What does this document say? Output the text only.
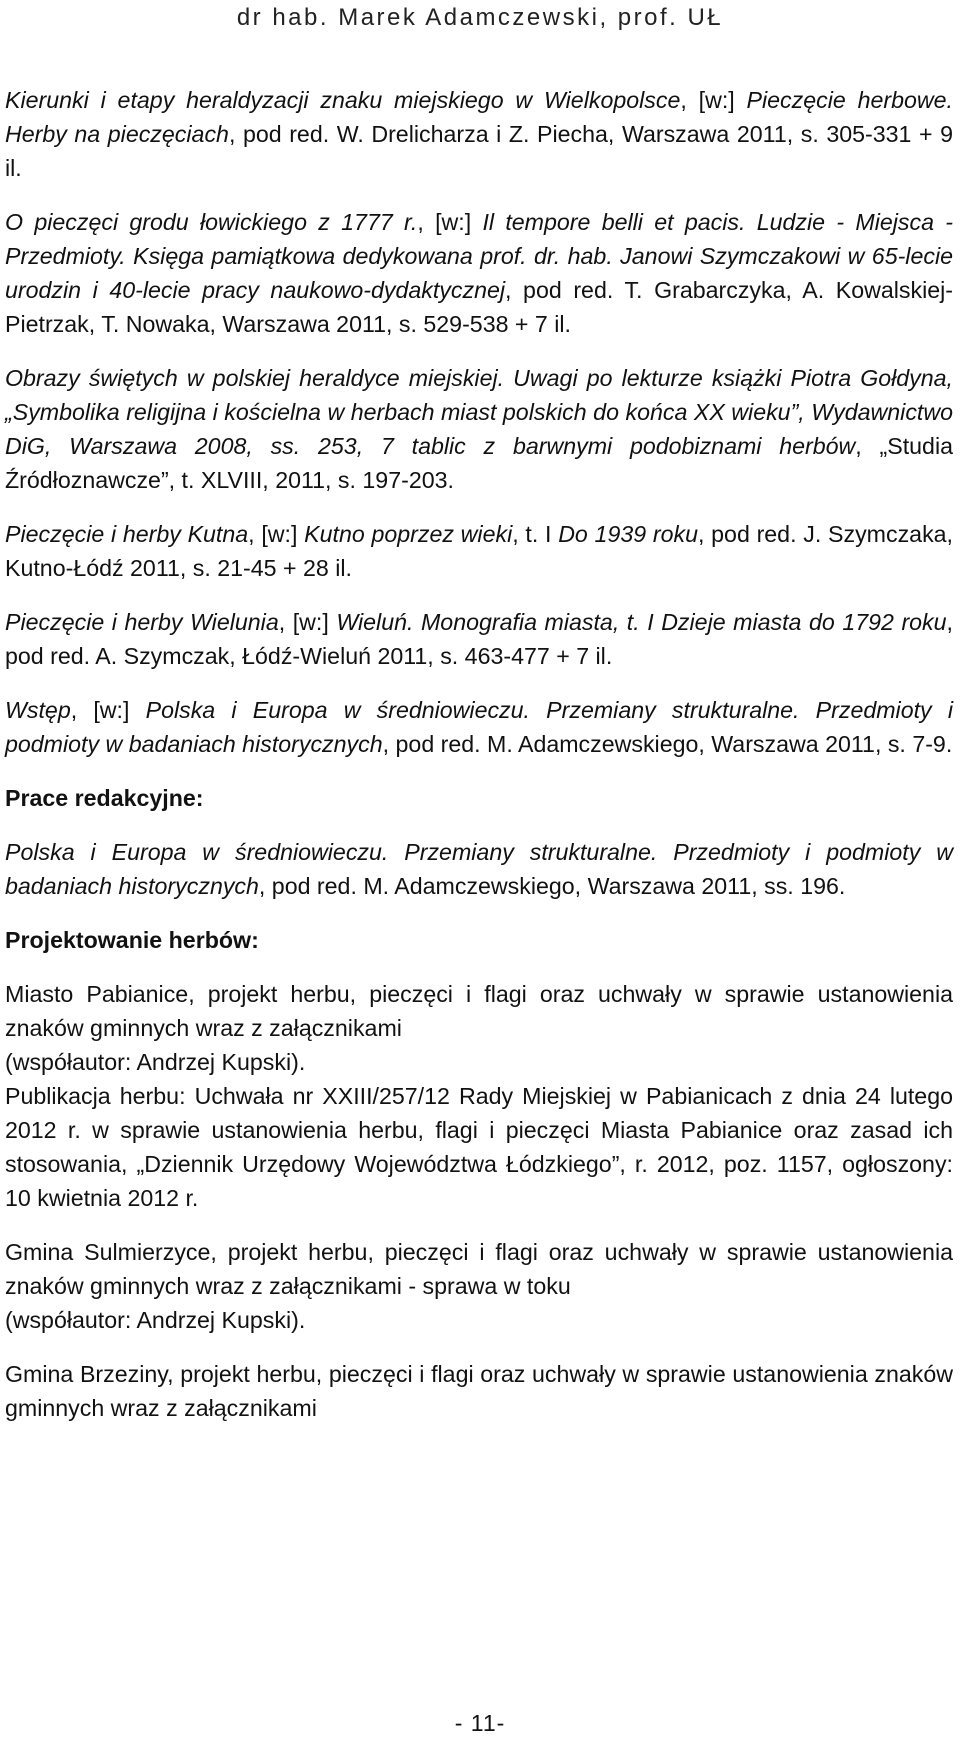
dr hab. Marek Adamczewski, prof. UŁ
Kierunki i etapy heraldyzacji znaku miejskiego w Wielkopolsce, [w:] Pieczęcie herbowe. Herby na pieczęciach, pod red. W. Drelicharza i Z. Piecha, Warszawa 2011, s. 305-331 + 9 il.
O pieczęci grodu łowickiego z 1777 r., [w:] Il tempore belli et pacis. Ludzie - Miejsca - Przedmioty. Księga pamiątkowa dedykowana prof. dr. hab. Janowi Szymczakowi w 65-lecie urodzin i 40-lecie pracy naukowo-dydaktycznej, pod red. T. Grabarczyka, A. Kowalskiej-Pietrzak, T. Nowaka, Warszawa 2011, s. 529-538 + 7 il.
Obrazy świętych w polskiej heraldyce miejskiej. Uwagi po lekturze książki Piotra Gołdyna, „Symbolika religijna i kościelna w herbach miast polskich do końca XX wieku”, Wydawnictwo DiG, Warszawa 2008, ss. 253, 7 tablic z barwnymi podobiznami herbów, „Studia Źródłoznawcze”, t. XLVIII, 2011, s. 197-203.
Pieczęcie i herby Kutna, [w:] Kutno poprzez wieki, t. I Do 1939 roku, pod red. J. Szymczaka, Kutno-Łódź 2011, s. 21-45 + 28 il.
Pieczęcie i herby Wielunia, [w:] Wieluń. Monografia miasta, t. I Dzieje miasta do 1792 roku, pod red. A. Szymczak, Łódź-Wieluń 2011, s. 463-477 + 7 il.
Wstęp, [w:] Polska i Europa w średniowieczu. Przemiany strukturalne. Przedmioty i podmioty w badaniach historycznych, pod red. M. Adamczewskiego, Warszawa 2011, s. 7-9.
Prace redakcyjne:
Polska i Europa w średniowieczu. Przemiany strukturalne. Przedmioty i podmioty w badaniach historycznych, pod red. M. Adamczewskiego, Warszawa 2011, ss. 196.
Projektowanie herbów:
Miasto Pabianice, projekt herbu, pieczęci i flagi oraz uchwały w sprawie ustanowienia znaków gminnych wraz z załącznikami
(współautor: Andrzej Kupski).
Publikacja herbu: Uchwała nr XXIII/257/12 Rady Miejskiej w Pabianicach z dnia 24 lutego 2012 r. w sprawie ustanowienia herbu, flagi i pieczęci Miasta Pabianice oraz zasad ich stosowania, „Dziennik Urzędowy Województwa Łódzkiego”, r. 2012, poz. 1157, ogłoszony: 10 kwietnia 2012 r.
Gmina Sulmierzyce, projekt herbu, pieczęci i flagi oraz uchwały w sprawie ustanowienia znaków gminnych wraz z załącznikami - sprawa w toku
(współautor: Andrzej Kupski).
Gmina Brzeziny, projekt herbu, pieczęci i flagi oraz uchwały w sprawie ustanowienia znaków gminnych wraz z załącznikami
- 11-
